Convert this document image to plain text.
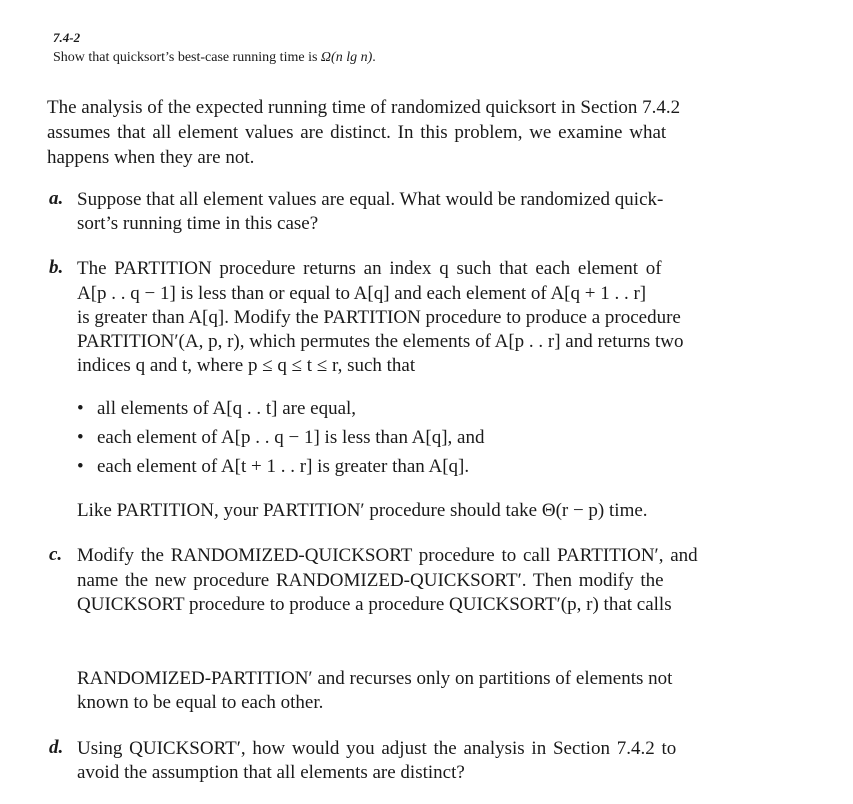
7.4-2
Show that quicksort’s best-case running time is Ω(n lg n).
The analysis of the expected running time of randomized quicksort in Section 7.4.2
assumes that all element values are distinct. In this problem, we examine what
happens when they are not.
a. Suppose that all element values are equal. What would be randomized quick-
sort’s running time in this case?
b. The PARTITION procedure returns an index q such that each element of
A[p . . q − 1] is less than or equal to A[q] and each element of A[q + 1 . . r]
is greater than A[q]. Modify the PARTITION procedure to produce a procedure
PARTITION′(A, p, r), which permutes the elements of A[p . . r] and returns two
indices q and t, where p ≤ q ≤ t ≤ r, such that
• all elements of A[q . . t] are equal,
• each element of A[p . . q − 1] is less than A[q], and
• each element of A[t + 1 . . r] is greater than A[q].
Like PARTITION, your PARTITION′ procedure should take Θ(r − p) time.
c. Modify the RANDOMIZED-QUICKSORT procedure to call PARTITION′, and
name the new procedure RANDOMIZED-QUICKSORT′. Then modify the
QUICKSORT procedure to produce a procedure QUICKSORT′(p, r) that calls
RANDOMIZED-PARTITION′ and recurses only on partitions of elements not
known to be equal to each other.
d. Using QUICKSORT′, how would you adjust the analysis in Section 7.4.2 to
avoid the assumption that all elements are distinct?
